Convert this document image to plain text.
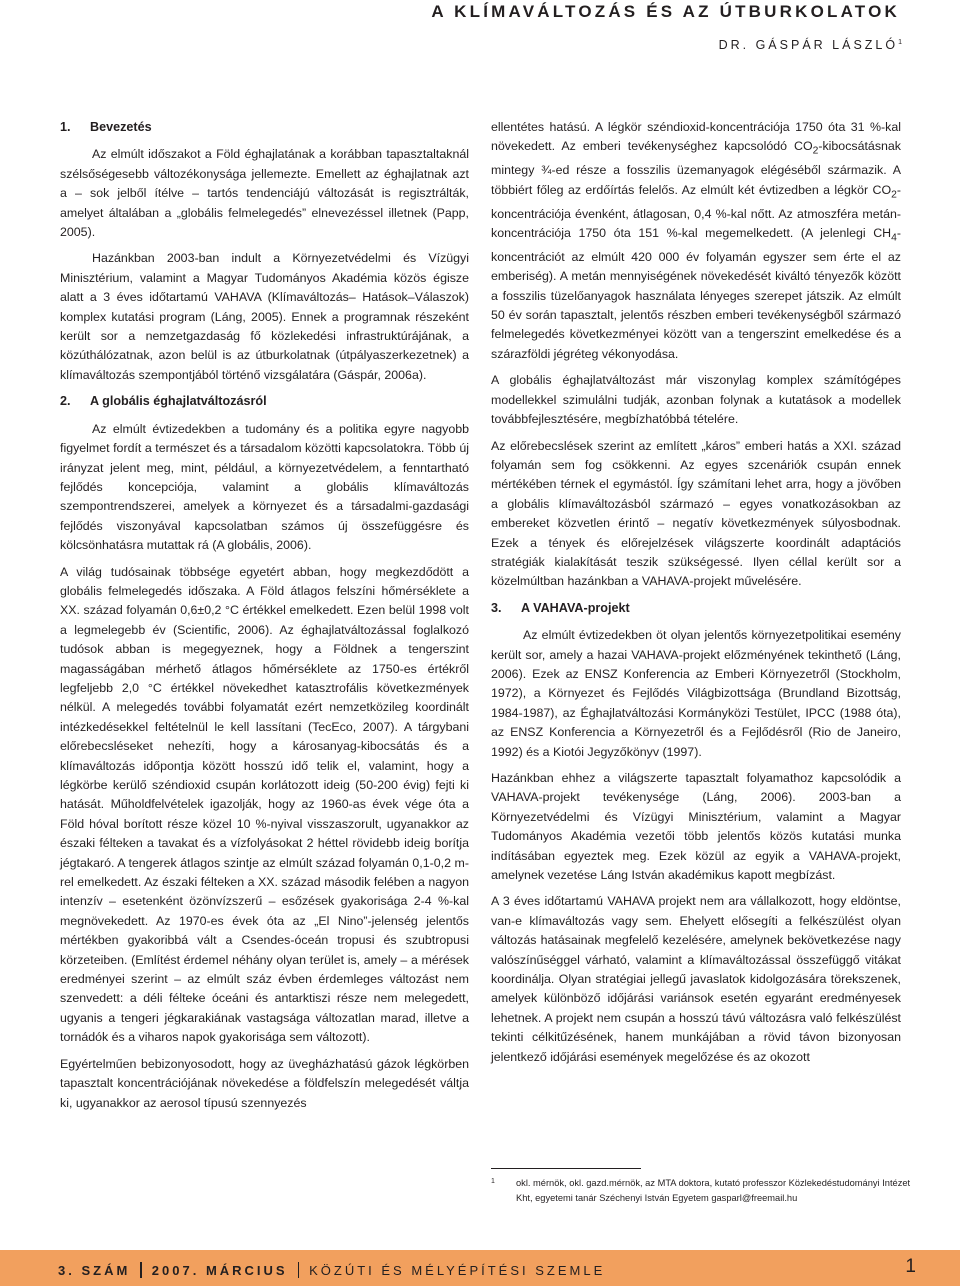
A KLÍMAVÁLTOZÁS ÉS AZ ÚTBURKOLATOK
DR. GÁSPÁR LÁSZLÓ$^1$
1. Bevezetés

Az elmúlt időszakot a Föld éghajlatának a korábban tapasztaltaknál szélsőségesebb változékonysága jellemezte. Emellett az éghajlatnak azt a – sok jelből ítélve – tartós tendenciájú változását is regisztrálták, amelyet általában a „globális felmelegedés” elnevezéssel illetnek (Papp, 2005).

Hazánkban 2003-ban indult a Környezetvédelmi és Vízügyi Minisztérium, valamint a Magyar Tudományos Akadémia közös égisze alatt a 3 éves időtartamú VAHAVA (Klímaváltozás– Hatások–Válaszok) komplex kutatási program (Láng, 2005). Ennek a programnak részeként került sor a nemzetgazdaság fő közlekedési infrastruktúrájának, a közúthálózatnak, azon belül is az útburkolatnak (útpályaszerkezetnek) a klímaváltozás szempontjából történő vizsgálatára (Gáspár, 2006a).

2. A globális éghajlatváltozásról

Az elmúlt évtizedekben a tudomány és a politika egyre nagyobb figyelmet fordít a természet és a társadalom közötti kapcsolatokra. Több új irányzat jelent meg, mint, például, a környezetvédelem, a fenntartható fejlődés koncepciója, valamint a globális klímaváltozás szempontrendszerei, amelyek a környezet és a társadalmi-gazdasági fejlődés viszonyával kapcsolatban számos új összefüggésre és kölcsönhatásra mutattak rá (A globális, 2006).

A világ tudósainak többsége egyetért abban, hogy megkezdődött a globális felmelegedés időszaka. A Föld átlagos felszíni hőmérséklete a XX. század folyamán 0,6±0,2 °C értékkel emelkedett. Ezen belül 1998 volt a legmelegebb év (Scientific, 2006). Az éghajlatváltozással foglalkozó tudósok abban is megegyeznek, hogy a Földnek a tengerszint magasságában mérhető átlagos hőmérséklete az 1750-es értékről legfeljebb 2,0 °C értékkel növekedhet katasztrofális következmények nélkül. A melegedés további folyamatát ezért nemzetközileg koordinált intézkedésekkel feltételnül le kell lassítani (TecEco, 2007). A tárgybani előrebecsléseket nehezíti, hogy a károsanyag-kibocsátás és a klímaváltozás időpontja között hosszú idő telik el, valamint, hogy a légkörbe kerülő széndioxid csupán korlátozott ideig (50-200 évig) fejti ki hatását. Műholdfelvételek igazolják, hogy az 1960-as évek vége óta a Föld hóval borított része közel 10 %-nyival visszaszorult, ugyanakkor az északi félteken a tavakat és a vízfolyásokat 2 héttel rövidebb ideig borítja jégtakaró. A tengerek átlagos szintje az elmúlt század folyamán 0,1-0,2 m-rel emelkedett. Az északi félteken a XX. század második felében a nagyon intenzív – esetenként özönvízszerű – esőzések gyakorisága 2-4 %-kal megnövekedett. Az 1970-es évek óta az „El Nino”-jelenség jelentős mértékben gyakoribbá vált a Csendes-óceán tropusi és szubtropusi körzeteiben. (Említést érdemel néhány olyan terület is, amely – a mérések eredményei szerint – az elmúlt száz évben érdemleges változást nem szenvedett: a déli félteke óceáni és antarktiszi része nem melegedett, ugyanis a tengeri jégkarakiának vastagsága változatlan marad, illetve a tornádók és a viharos napok gyakorisága sem változott).

Egyértelműen bebizonyosodott, hogy az üvegházhatású gázok légkörben tapasztalt koncentrációjának növekedése a földfelszín melegedését váltja ki, ugyanakkor az aerosol típusú szennyezés

ellentétes hatású. A légkör széndioxid-koncentrációja 1750 óta 31 %-kal növekedett. Az emberi tevékenységhez kapcsolódó $CO_2$-kibocsátásnak mintegy ¾-ed része a fosszilis üzemanyagok elégéséből származik. A többiért főleg az erdőírtás felelős. Az elmúlt két évtizedben a légkör $CO_2$-koncentrációja évenként, átlagosan, 0,4 %-kal nőtt. Az atmoszféra metán-koncentrációja 1750 óta 151 %-kal megemelkedett. (A jelenlegi $CH_4$-koncentrációt az elmúlt 420 000 év folyamán egyszer sem érte el az emberiség). A metán mennyiségének növekedését kiváltó tényezők között a fosszilis tüzelőanyagok használata lényeges szerepet játszik. Az elmúlt 50 év során tapasztalt, jelentős részben emberi tevékenységből származó felmelegedés következményei között van a tengerszint emelkedése és a szárazföldi jégréteg vékonyodása.

A globális éghajlatváltozást már viszonylag komplex számítógépes modellekkel szimulálni tudják, azonban folynak a kutatások a modellek továbbfejlesztésére, megbízhatóbbá tételére.

Az előrebecslések szerint az említett „káros” emberi hatás a XXI. század folyamán sem fog csökkenni. Az egyes szcenáriók csupán ennek mértékében térnek el egymástól. Így számítani lehet arra, hogy a jövőben a globális klímaváltozásból származó – egyes vonatkozásokban az embereket közvetlen érintő – negatív következmények súlyosbodnak. Ezek a tények és előrejelzések világszerte koordinált adaptációs stratégiák kialakítását teszik szükségessé. Ilyen céllal került sor a közelmúltban hazánkban a VAHAVA-projekt művelésére.

3. A VAHAVA-projekt

Az elmúlt évtizedekben öt olyan jelentős környezetpolitikai esemény került sor, amely a hazai VAHAVA-projekt előzményének tekinthető (Láng, 2006). Ezek az ENSZ Konferencia az Emberi Környezetről (Stockholm, 1972), a Környezet és Fejlődés Világbizottsága (Brundland Bizottság, 1984-1987), az Éghajlatváltozási Kormányközi Testület, IPCC (1988 óta), az ENSZ Konferencia a Környezetről és a Fejlődésről (Rio de Janeiro, 1992) és a Kiotói Jegyzőkönyv (1997).

Hazánkban ehhez a világszerte tapasztalt folyamathoz kapcsolódik a VAHAVA-projekt tevékenysége (Láng, 2006). 2003-ban a Környezetvédelmi és Vízügyi Minisztérium, valamint a Magyar Tudományos Akadémia vezetői több jelentős közös kutatási munka indításában egyeztek meg. Ezek közül az egyik a VAHAVA-projekt, amelynek vezetése Láng István akadémikus kapott megbízást.

A 3 éves időtartamú VAHAVA projekt nem ara vállalkozott, hogy eldöntse, van-e klímaváltozás vagy sem. Ehelyett elősegíti a felkészülést olyan változás hatásainak megfelelő kezelésére, amelynek bekövetkezése nagy valószínűséggel várható, valamint a klímaváltozással összefüggő vitákat koordinálja. Olyan stratégiai jellegű javaslatok kidolgozására törekszenek, amelyek különböző időjárási variánsok esetén egyaránt eredményesek lehetnek. A projekt nem csupán a hosszú távú változásra való felkészülést tekinti célkitűzésének, hanem munkájában a rövid távon bizonyosan jelentkező időjárási események megelőzése és az okozott

1 okl. mérnök, okl. gazd.mérnök, az MTA doktora, kutató professzor Közlekedéstudományi Intézet Kht, egyetemi tanár Széchenyi István Egyetem gasparl@freemail.hu
3. SZÁM 2007. MÁRCIUS KÖZÚTI ÉS MÉLYÉPÍTÉSI SZEMLE	1
